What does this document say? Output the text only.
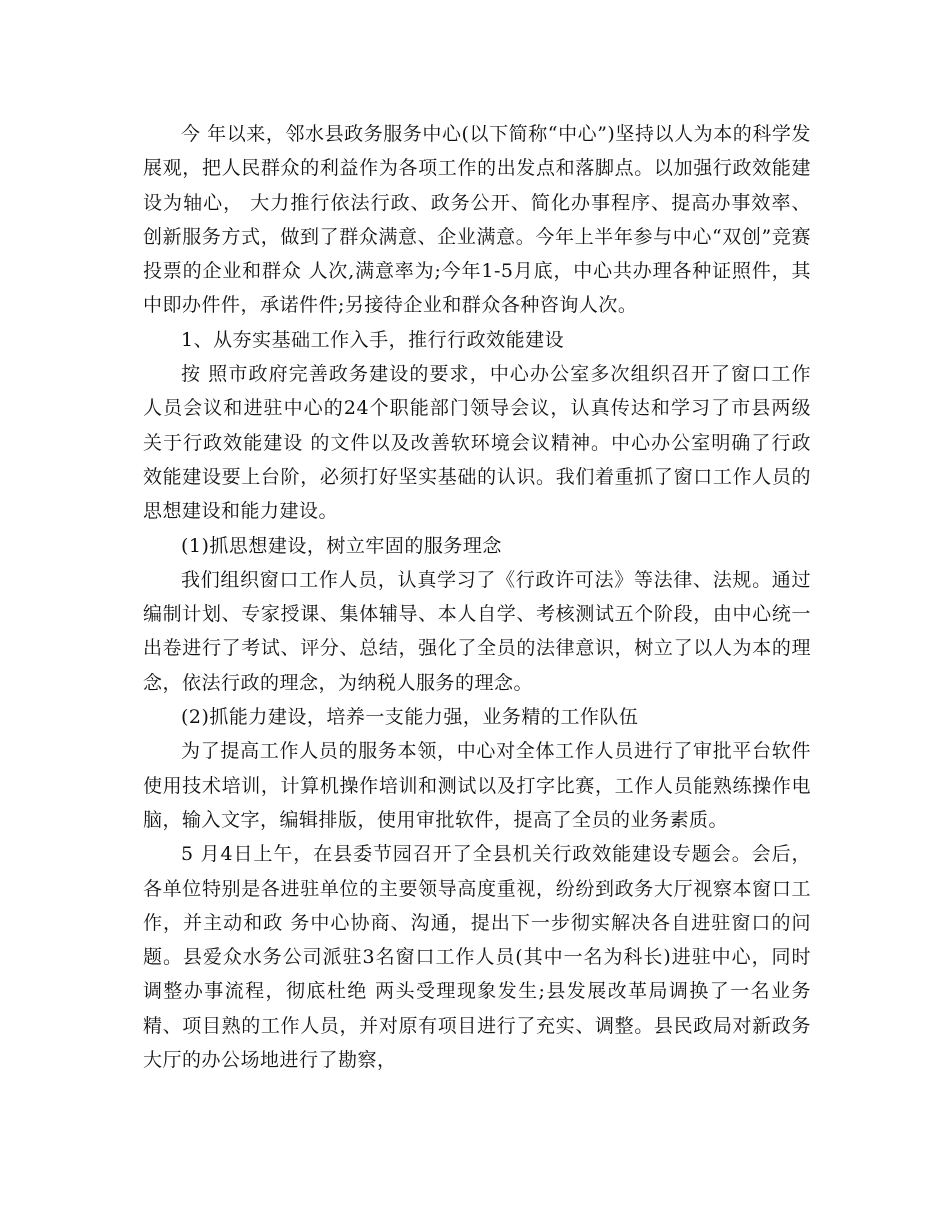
今 年以来，邻水县政务服务中心(以下简称“中心”)坚持以人为本的科学发展观，把人民群众的利益作为各项工作的出发点和落脚点。以加强行政效能建设为轴心， 大力推行依法行政、政务公开、简化办事程序、提高办事效率、创新服务方式，做到了群众满意、企业满意。今年上半年参与中心“双创”竞赛投票的企业和群众 人次,满意率为;今年1-5月底，中心共办理各种证照件，其中即办件件，承诺件件;另接待企业和群众各种咨询人次。

1、从夯实基础工作入手，推行行政效能建设

按 照市政府完善政务建设的要求，中心办公室多次组织召开了窗口工作人员会议和进驻中心的24个职能部门领导会议，认真传达和学习了市县两级关于行政效能建设 的文件以及改善软环境会议精神。中心办公室明确了行政效能建设要上台阶，必须打好坚实基础的认识。我们着重抓了窗口工作人员的思想建设和能力建设。

(1)抓思想建设，树立牢固的服务理念

我们组织窗口工作人员，认真学习了《行政许可法》等法律、法规。通过编制计划、专家授课、集体辅导、本人自学、考核测试五个阶段，由中心统一出卷进行了考试、评分、总结，强化了全员的法律意识，树立了以人为本的理念，依法行政的理念，为纳税人服务的理念。

(2)抓能力建设，培养一支能力强，业务精的工作队伍

为了提高工作人员的服务本领，中心对全体工作人员进行了审批平台软件使用技术培训，计算机操作培训和测试以及打字比赛，工作人员能熟练操作电脑，输入文字，编辑排版，使用审批软件，提高了全员的业务素质。

5 月4日上午，在县委节园召开了全县机关行政效能建设专题会。会后，各单位特别是各进驻单位的主要领导高度重视，纷纷到政务大厅视察本窗口工作，并主动和政 务中心协商、沟通，提出下一步彻实解决各自进驻窗口的问题。县爱众水务公司派驻3名窗口工作人员(其中一名为科长)进驻中心，同时调整办事流程，彻底杜绝 两头受理现象发生;县发展改革局调换了一名业务精、项目熟的工作人员，并对原有项目进行了充实、调整。县民政局对新政务大厅的办公场地进行了勘察，
